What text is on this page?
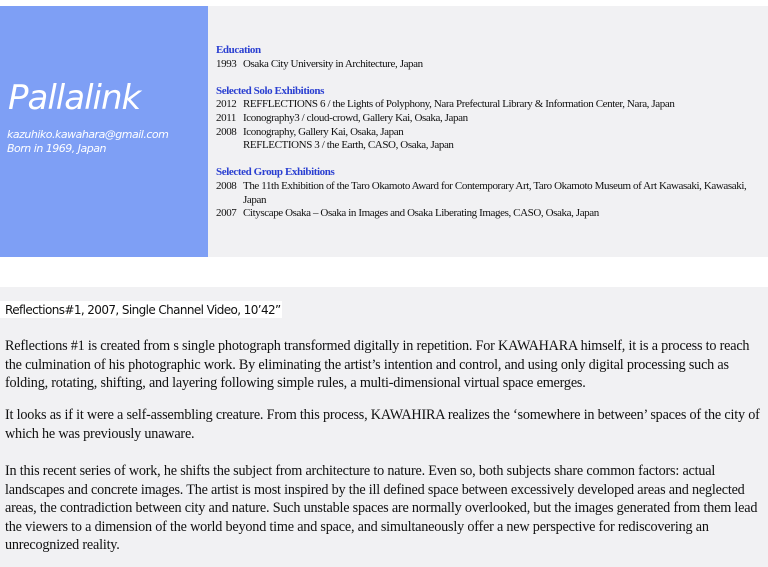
Pallalink
kazuhiko.kawahara@gmail.com
Born in 1969, Japan
Education
1993 Osaka City University in Architecture, Japan
Selected Solo Exhibitions
2012 REFFLECTIONS 6 / the Lights of Polyphony, Nara Prefectural Library & Information Center, Nara, Japan
2011 Iconography3 / cloud-crowd, Gallery Kai, Osaka, Japan
2008 Iconography, Gallery Kai, Osaka, Japan
REFLECTIONS 3 / the Earth, CASO, Osaka, Japan
Selected Group Exhibitions
2008 The 11th Exhibition of the Taro Okamoto Award for Contemporary Art, Taro Okamoto Museum of Art Kawasaki, Kawasaki, Japan
2007 Cityscape Osaka – Osaka in Images and Osaka Liberating Images, CASO, Osaka, Japan
Reflections#1, 2007, Single Channel Video, 10’42”

Reflections #1 is created from s single photograph transformed digitally in repetition. For KAWAHARA himself, it is a process to reach the culmination of his photographic work. By eliminating the artist’s intention and control, and using only digital processing such as folding, rotating, shifting, and layering following simple rules, a multi-dimensional virtual space emerges.

It looks as if it were a self-assembling creature. From this process, KAWAHIRA realizes the ‘somewhere in between’ spaces of the city of which he was previously unaware.

In this recent series of work, he shifts the subject from architecture to nature. Even so, both subjects share common factors: actual landscapes and concrete images. The artist is most inspired by the ill defined space between excessively developed areas and neglected areas, the contradiction between city and nature. Such unstable spaces are normally overlooked, but the images generated from them lead the viewers to a dimension of the world beyond time and space, and simultaneously offer a new perspective for rediscovering an unrecognized reality.
